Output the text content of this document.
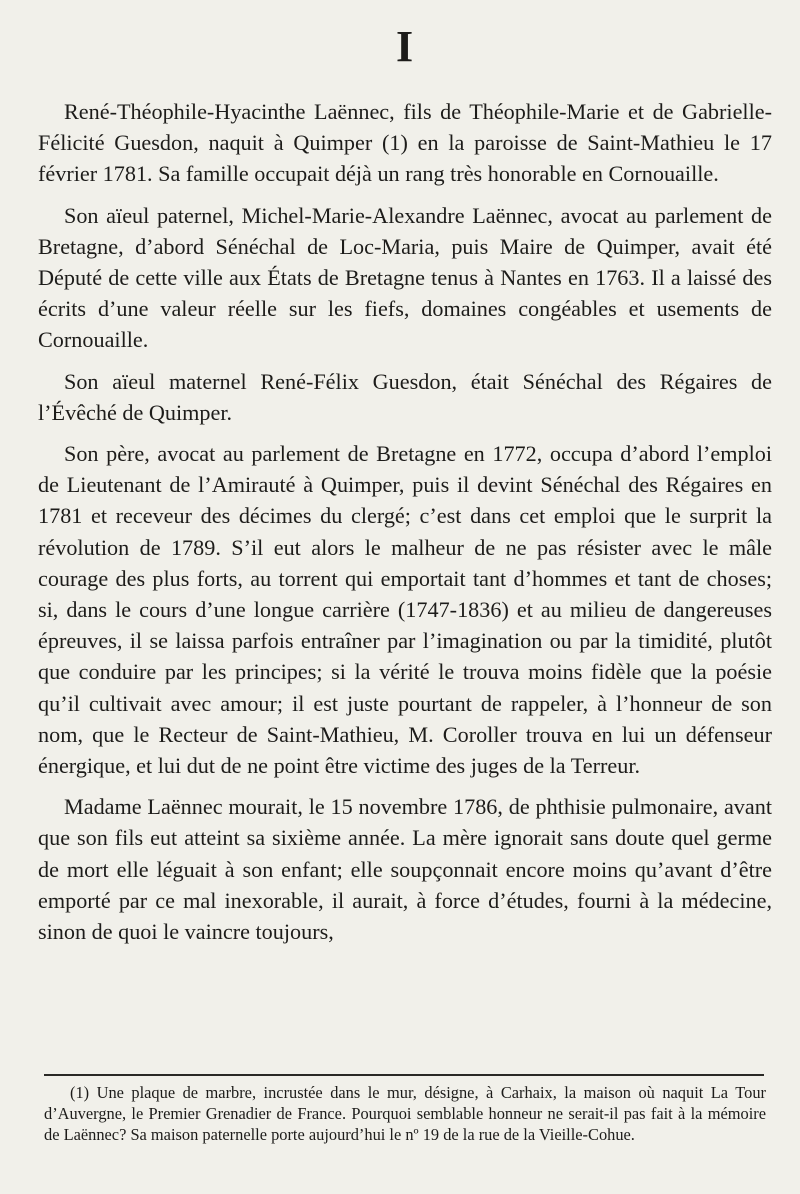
I

René-Théophile-Hyacinthe Laënnec, fils de Théophile-Marie et de Gabrielle-Félicité Guesdon, naquit à Quimper (1) en la paroisse de Saint-Mathieu le 17 février 1781. Sa famille occupait déjà un rang très honorable en Cornouaille.

Son aïeul paternel, Michel-Marie-Alexandre Laënnec, avocat au parlement de Bretagne, d’abord Sénéchal de Loc-Maria, puis Maire de Quimper, avait été Député de cette ville aux États de Bretagne tenus à Nantes en 1763. Il a laissé des écrits d’une valeur réelle sur les fiefs, domaines congéables et usements de Cornouaille.

Son aïeul maternel René-Félix Guesdon, était Sénéchal des Régaires de l’Évêché de Quimper.

Son père, avocat au parlement de Bretagne en 1772, occupa d’abord l’emploi de Lieutenant de l’Amirauté à Quimper, puis il devint Sénéchal des Régaires en 1781 et receveur des décimes du clergé; c’est dans cet emploi que le surprit la révolution de 1789. S’il eut alors le malheur de ne pas résister avec le mâle courage des plus forts, au torrent qui emportait tant d’hommes et tant de choses; si, dans le cours d’une longue carrière (1747-1836) et au milieu de dangereuses épreuves, il se laissa parfois entraîner par l’imagination ou par la timidité, plutôt que conduire par les principes; si la vérité le trouva moins fidèle que la poésie qu’il cultivait avec amour; il est juste pourtant de rappeler, à l’honneur de son nom, que le Recteur de Saint-Mathieu, M. Coroller trouva en lui un défenseur énergique, et lui dut de ne point être victime des juges de la Terreur.

Madame Laënnec mourait, le 15 novembre 1786, de phthisie pulmonaire, avant que son fils eut atteint sa sixième année. La mère ignorait sans doute quel germe de mort elle léguait à son enfant; elle soupçonnait encore moins qu’avant d’être emporté par ce mal inexorable, il aurait, à force d’études, fourni à la médecine, sinon de quoi le vaincre toujours,

(1) Une plaque de marbre, incrustée dans le mur, désigne, à Carhaix, la maison où naquit La Tour d’Auvergne, le Premier Grenadier de France. Pourquoi semblable honneur ne serait-il pas fait à la mémoire de Laënnec? Sa maison paternelle porte aujourd’hui le nº 19 de la rue de la Vieille-Cohue.
